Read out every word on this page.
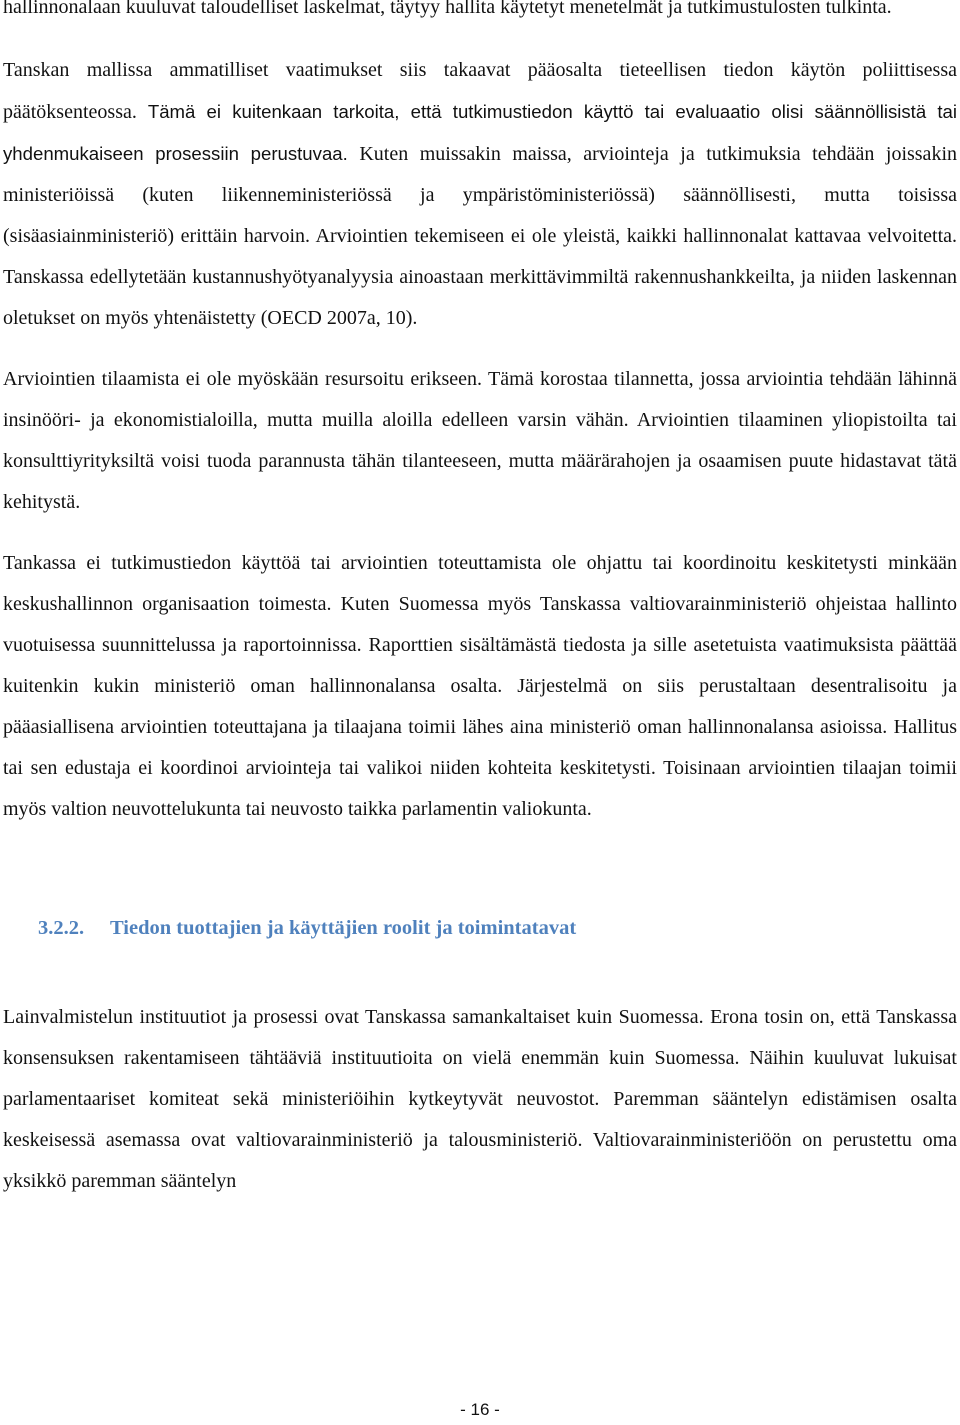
hallinnonalaan kuuluvat taloudelliset laskelmat, täytyy hallita käytetyt menetelmät ja tutkimustulosten tulkinta.

Tanskan mallissa ammatilliset vaatimukset siis takaavat pääosalta tieteellisen tiedon käytön poliittisessa päätöksenteossa. Tämä ei kuitenkaan tarkoita, että tutkimustiedon käyttö tai evaluaatio olisi säännöllisistä tai yhdenmukaiseen prosessiin perustuvaa. Kuten muissakin maissa, arviointeja ja tutkimuksia tehdään joissakin ministeriöissä (kuten liikenneministeriössä ja ympäristöministeriössä) säännöllisesti, mutta toisissa (sisäasiainministeriö) erittäin harvoin. Arviointien tekemiseen ei ole yleistä, kaikki hallinnonalat kattavaa velvoitetta. Tanskassa edellytetään kustannushyötyanalyysia ainoastaan merkittävimmiltä rakennushankkeilta, ja niiden laskennan oletukset on myös yhtenäistetty (OECD 2007a, 10).

Arviointien tilaamista ei ole myöskään resursoitu erikseen. Tämä korostaa tilannetta, jossa arviointia tehdään lähinnä insinööri- ja ekonomistialoilla, mutta muilla aloilla edelleen varsin vähän. Arviointien tilaaminen yliopistoilta tai konsulttiyrityksiltä voisi tuoda parannusta tähän tilanteeseen, mutta määrärahojen ja osaamisen puute hidastavat tätä kehitystä.

Tankassa ei tutkimustiedon käyttöä tai arviointien toteuttamista ole ohjattu tai koordinoitu keskitetysti minkään keskushallinnon organisaation toimesta. Kuten Suomessa myös Tanskassa valtiovarainministeriö ohjeistaa hallinto vuotuisessa suunnittelussa ja raportoinnissa. Raporttien sisältämästä tiedosta ja sille asetetuista vaatimuksista päättää kuitenkin kukin ministeriö oman hallinnonalansa osalta. Järjestelmä on siis perustaltaan desentralisoitu ja pääasiallisena arviointien toteuttajana ja tilaajana toimii lähes aina ministeriö oman hallinnonalansa asioissa. Hallitus tai sen edustaja ei koordinoi arviointeja tai valikoi niiden kohteita keskitetysti. Toisinaan arviointien tilaajan toimii myös valtion neuvottelukunta tai neuvosto taikka parlamentin valiokunta.

3.2.2. Tiedon tuottajien ja käyttäjien roolit ja toimintatavat

Lainvalmistelun instituutiot ja prosessi ovat Tanskassa samankaltaiset kuin Suomessa. Erona tosin on, että Tanskassa konsensuksen rakentamiseen tähtääviä instituutioita on vielä enemmän kuin Suomessa. Näihin kuuluvat lukuisat parlamentaariset komiteat sekä ministeriöihin kytkeytyvät neuvostot. Paremman sääntelyn edistämisen osalta keskeisessä asemassa ovat valtiovarainministeriö ja talousministeriö. Valtiovarainministeriöön on perustettu oma yksikkö paremman sääntelyn

- 16 -
